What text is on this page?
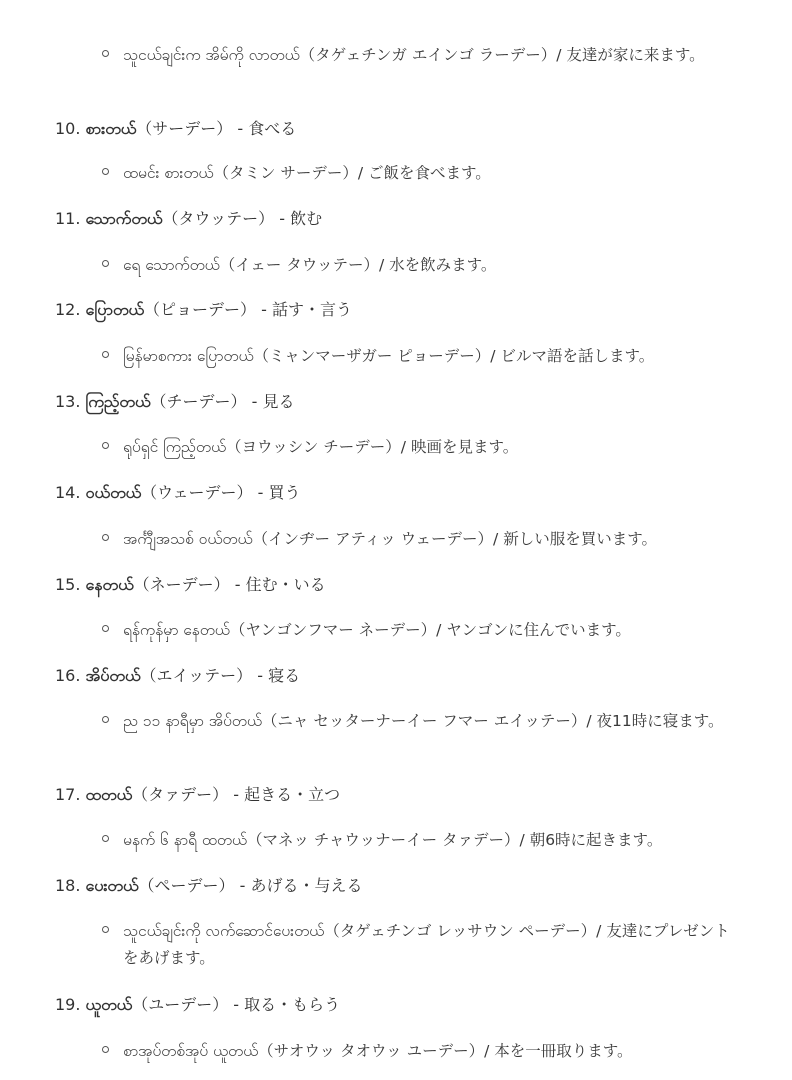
သူငယ်ချင်းက အိမ်ကို လာတယ်（タゲェチンガ エインゴ ラーデー）/ 友達が家に来ます。
10. စားတယ်（サーデー） - 食べる
ထမင်း စားတယ်（タミン サーデー）/ ご飯を食べます。
11. သောက်တယ်（タウッテー） - 飲む
ရေ သောက်တယ်（イェー タウッテー）/ 水を飲みます。
12. ပြောတယ်（ピョーデー） - 話す・言う
မြန်မာစကား ပြောတယ်（ミャンマーザガー ピョーデー）/ ビルマ語を話します。
13. ကြည့်တယ်（チーデー） - 見る
ရုပ်ရှင် ကြည့်တယ်（ヨウッシン チーデー）/ 映画を見ます。
14. ဝယ်တယ်（ウェーデー） - 買う
အင်္ကျီအသစ် ဝယ်တယ်（インヂー アティッ ウェーデー）/ 新しい服を買います。
15. နေတယ်（ネーデー） - 住む・いる
ရန်ကုန်မှာ နေတယ်（ヤンゴンフマー ネーデー）/ ヤンゴンに住んでいます。
16. အိပ်တယ်（エイッテー） - 寝る
ည ၁၁ နာရီမှာ အိပ်တယ်（ニャ セッターナーイー フマー エイッテー）/ 夜11時に寝ます。
17. ထတယ်（タァデー） - 起きる・立つ
မနက် ၆ နာရီ ထတယ်（マネッ チャウッナーイー タァデー）/ 朝6時に起きます。
18. ပေးတယ်（ペーデー） - あげる・与える
သူငယ်ချင်းကို လက်ဆောင်ပေးတယ်（タゲェチンゴ レッサウン ペーデー）/ 友達にプレゼントをあげます。
19. ယူတယ်（ユーデー） - 取る・もらう
စာအုပ်တစ်အုပ် ယူတယ်（サオウッ タオウッ ユーデー）/ 本を一冊取ります。
